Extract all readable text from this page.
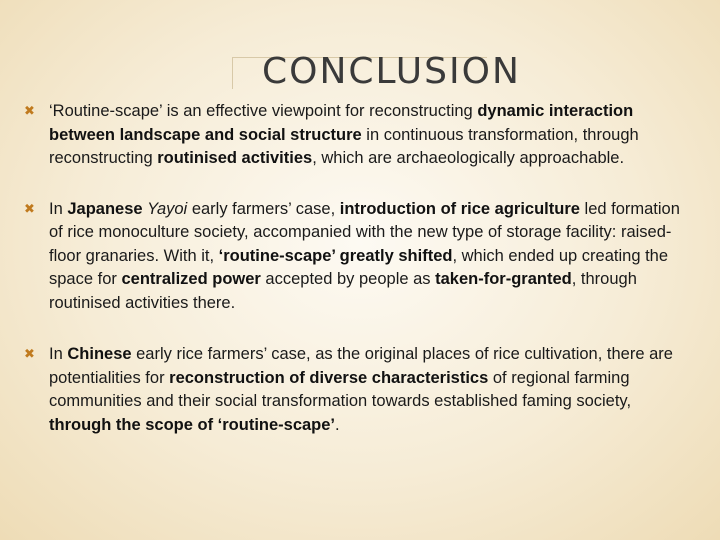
CONCLUSION
✖ ‘Routine-scape’ is an effective viewpoint for reconstructing dynamic interaction between landscape and social structure in continuous transformation, through reconstructing routinised activities, which are archaeologically approachable.
✖ In Japanese Yayoi early farmers’ case, introduction of rice agriculture led formation of rice monoculture society, accompanied with the new type of storage facility: raised-floor granaries. With it, ‘routine-scape’ greatly shifted, which ended up creating the space for centralized power accepted by people as taken-for-granted, through routinised activities there.
✖ In Chinese early rice farmers’ case, as the original places of rice cultivation, there are potentialities for reconstruction of diverse characteristics of regional farming communities and their social transformation towards established faming society, through the scope of ‘routine-scape’.
